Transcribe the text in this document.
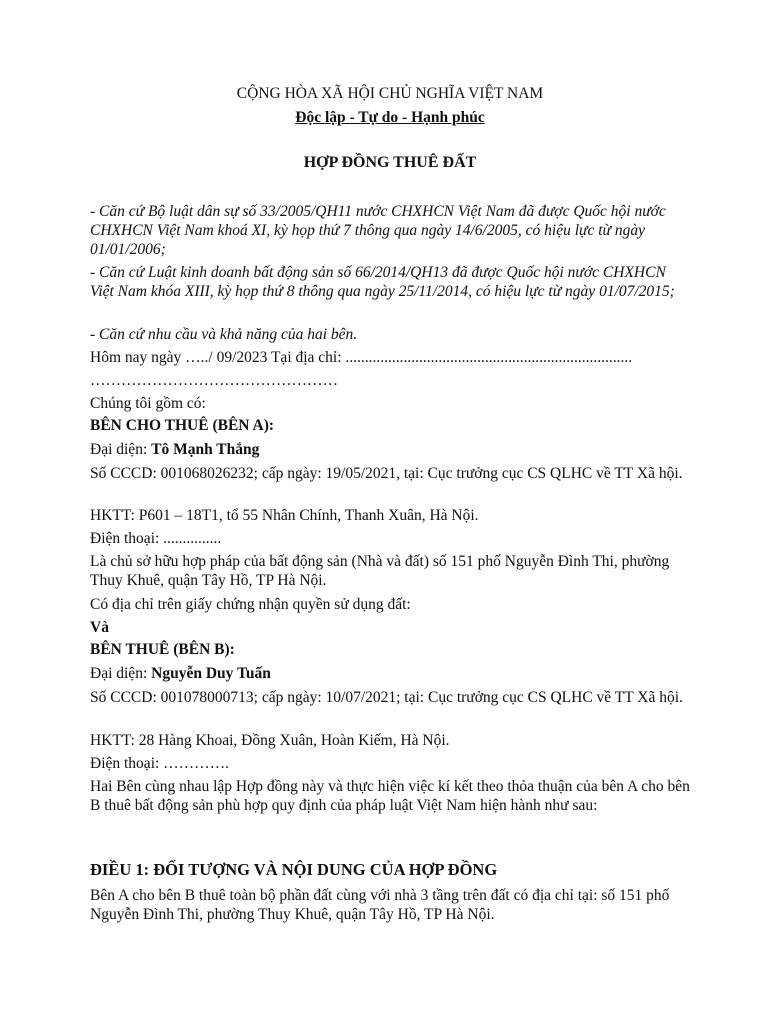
CỘNG HÒA XÃ HỘI CHỦ NGHĨA VIỆT NAM

Độc lập - Tự do - Hạnh phúc

HỢP ĐỒNG THUÊ ĐẤT

- Căn cứ Bộ luật dân sự số 33/2005/QH11 nước CHXHCN Việt Nam đã được Quốc hội nước CHXHCN Việt Nam khoá XI, kỳ họp thứ 7 thông qua ngày 14/6/2005, có hiệu lực từ ngày 01/01/2006;

- Căn cứ Luật kinh doanh bất động sản số 66/2014/QH13 đã được Quốc hội nước CHXHCN Việt Nam khóa XIII, kỳ họp thứ 8 thông qua ngày 25/11/2014, có hiệu lực từ ngày 01/07/2015;

- Căn cứ nhu cầu và khả năng của hai bên.

Hôm nay ngày …../ 09/2023 Tại địa chỉ: ..........................................................................

…………………………………………

Chúng tôi gồm có:

BÊN CHO THUÊ (BÊN A):

Đại diện: Tô Mạnh Thắng

Số CCCD: 001068026232; cấp ngày: 19/05/2021, tại: Cục trưởng cục CS QLHC về TT Xã hội.

HKTT: P601 – 18T1, tổ 55 Nhân Chính, Thanh Xuân, Hà Nội.

Điện thoại: ...............

Là chủ sở hữu hợp pháp của bất động sản (Nhà và đất) số 151 phố Nguyễn Đình Thi, phường Thuy Khuê, quận Tây Hồ, TP Hà Nội.

Có địa chỉ trên giấy chứng nhận quyền sử dụng đất:

Và

BÊN THUÊ (BÊN B):

Đại diện: Nguyễn Duy Tuấn

Số CCCD: 001078000713; cấp ngày: 10/07/2021; tại: Cục trưởng cục CS QLHC về TT Xã hội.

HKTT: 28 Hàng Khoai, Đồng Xuân, Hoàn Kiếm, Hà Nội.

Điện thoại: ………….

Hai Bên cùng nhau lập Hợp đồng này và thực hiện việc kí kết theo thỏa thuận của bên A cho bên B thuê bất động sản phù hợp quy định của pháp luật Việt Nam hiện hành như sau:

ĐIỀU 1: ĐỐI TƯỢNG VÀ NỘI DUNG CỦA HỢP ĐỒNG

Bên A cho bên B thuê toàn bộ phần đất cùng với nhà 3 tầng trên đất có địa chỉ tại: số 151 phố Nguyễn Đình Thi, phường Thuy Khuê, quận Tây Hồ, TP Hà Nội.
